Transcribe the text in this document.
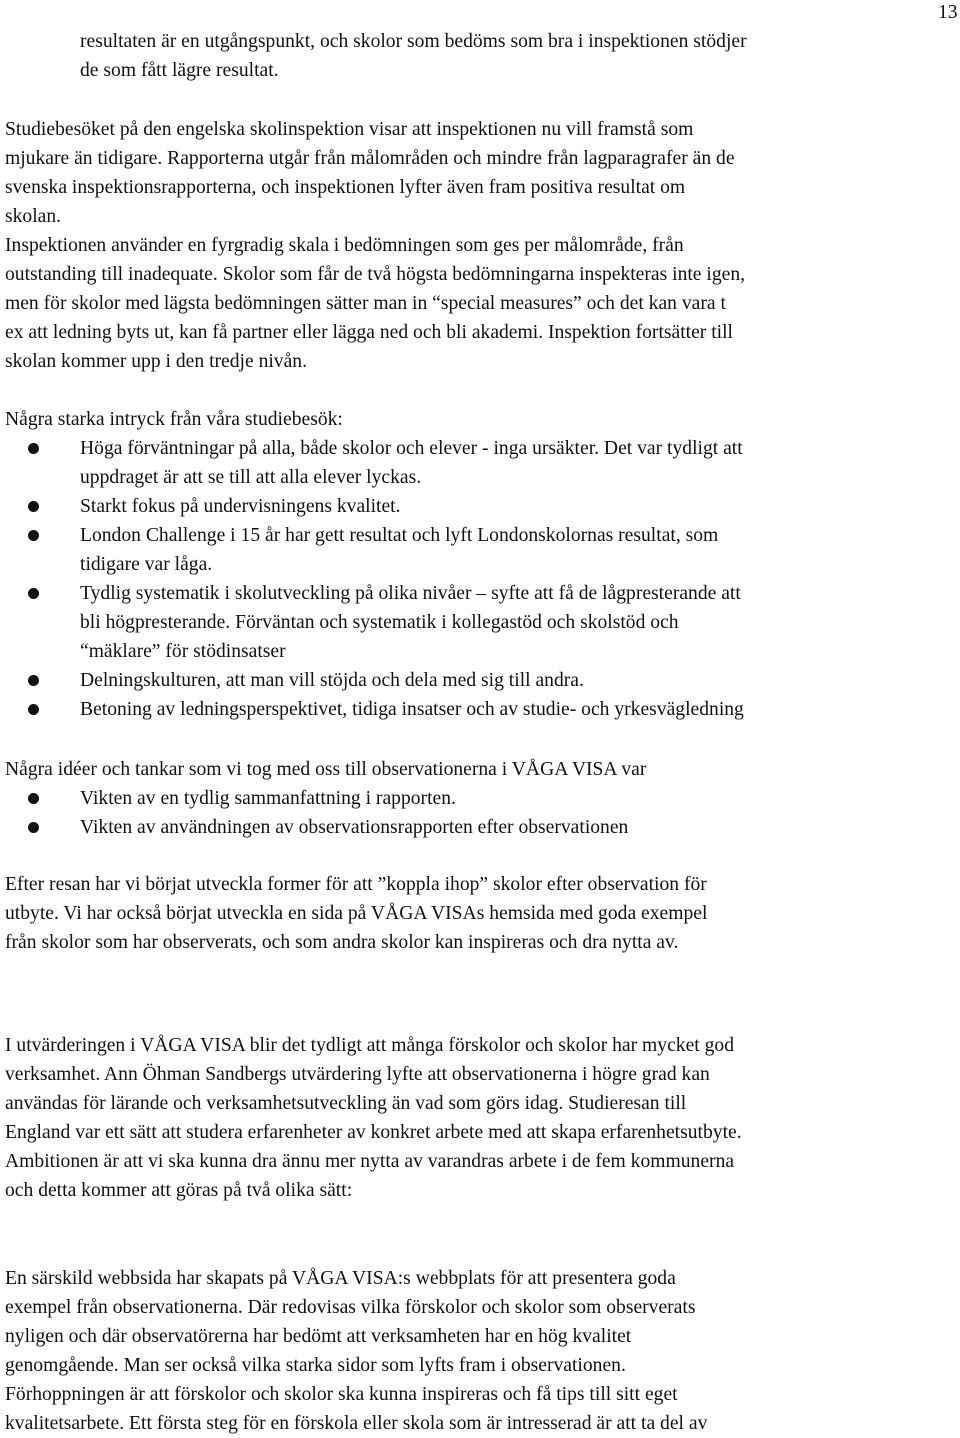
13
resultaten är en utgångspunkt, och skolor som bedöms som bra i inspektionen stödjer
de som fått lägre resultat.
Studiebesöket på den engelska skolinspektion visar att inspektionen nu vill framstå som
mjukare än tidigare. Rapporterna utgår från målområden och mindre från lagparagrafer än de
svenska inspektionsrapporterna, och inspektionen lyfter även fram positiva resultat om
skolan.
Inspektionen använder en fyrgradig skala i bedömningen som ges per målområde, från
outstanding till inadequate. Skolor som får de två högsta bedömningarna inspekteras inte igen,
men för skolor med lägsta bedömningen sätter man in “special measures” och det kan vara t
ex att ledning byts ut, kan få partner eller lägga ned och bli akademi. Inspektion fortsätter till
skolan kommer upp i den tredje nivån.
Några starka intryck från våra studiebesök:
Höga förväntningar på alla, både skolor och elever - inga ursäkter. Det var tydligt att
uppdraget är att se till att alla elever lyckas.
Starkt fokus på undervisningens kvalitet.
London Challenge i 15 år har gett resultat och lyft Londonskolornas resultat, som
tidigare var låga.
Tydlig systematik i skolutveckling på olika nivåer – syfte att få de lågpresterande att
bli högpresterande. Förväntan och systematik i kollegastöd och skolstöd och
“mäklare” för stödinsatser
Delningskulturen, att man vill stöjda och dela med sig till andra.
Betoning av ledningsperspektivet, tidiga insatser och av studie- och yrkesvägledning
Några idéer och tankar som vi tog med oss till observationerna i VÅGA VISA var
Vikten av en tydlig sammanfattning i rapporten.
Vikten av användningen av observationsrapporten efter observationen
Efter resan har vi börjat utveckla former för att ”koppla ihop” skolor efter observation för
utbyte. Vi har också börjat utveckla en sida på VÅGA VISAs hemsida med goda exempel
från skolor som har observerats, och som andra skolor kan inspireras och dra nytta av.
I utvärderingen i VÅGA VISA blir det tydligt att många förskolor och skolor har mycket god
verksamhet. Ann Öhman Sandbergs utvärdering lyfte att observationerna i högre grad kan
användas för lärande och verksamhetsutveckling än vad som görs idag. Studieresan till
England var ett sätt att studera erfarenheter av konkret arbete med att skapa erfarenhetsutbyte.
Ambitionen är att vi ska kunna dra ännu mer nytta av varandras arbete i de fem kommunerna
och detta kommer att göras på två olika sätt:
En särskild webbsida har skapats på VÅGA VISA:s webbplats för att presentera goda
exempel från observationerna. Där redovisas vilka förskolor och skolor som observerats
nyligen och där observatörerna har bedömt att verksamheten har en hög kvalitet
genomgående. Man ser också vilka starka sidor som lyfts fram i observationen.
Förhoppningen är att förskolor och skolor ska kunna inspireras och få tips till sitt eget
kvalitetsarbete. Ett första steg för en förskola eller skola som är intresserad är att ta del av
